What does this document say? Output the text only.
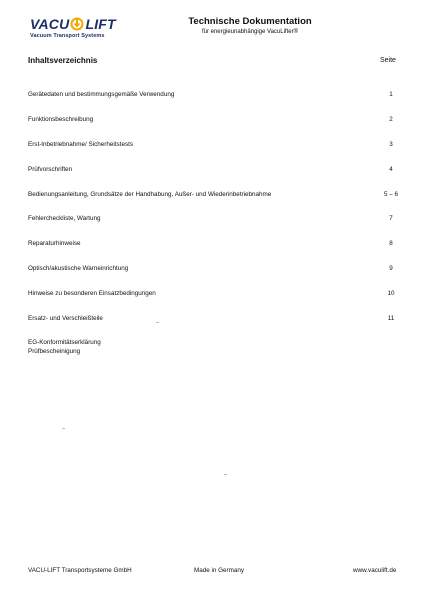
VACU LIFT
Vacuum Transport Systems
Technische Dokumentation
für energieunabhängige VacuLifter®
Inhaltsverzeichnis	Seite
Gerätedaten und bestimmungsgemäße Verwendung	1
Funktionsbeschreibung	2
Erst-Inbetriebnahme/ Sicherheitstests	3
Prüfvorschriften	4
Bedienungsanleitung, Grundsätze der Handhabung, Außer- und Wiederinbetriebnahme	5 – 6
Fehlercheckliste, Wartung	7
Reparaturhinweise	8
Optisch/akustische Warneinrichtung	9
Hinweise zu besonderen Einsatzbedingungen	10
Ersatz- und Verschleißteile	11
EG-Konformitätserklärung
Prüfbescheinigung
VACU-LIFT Transportsysteme GmbH	Made in Germany	www.vaculift.de
